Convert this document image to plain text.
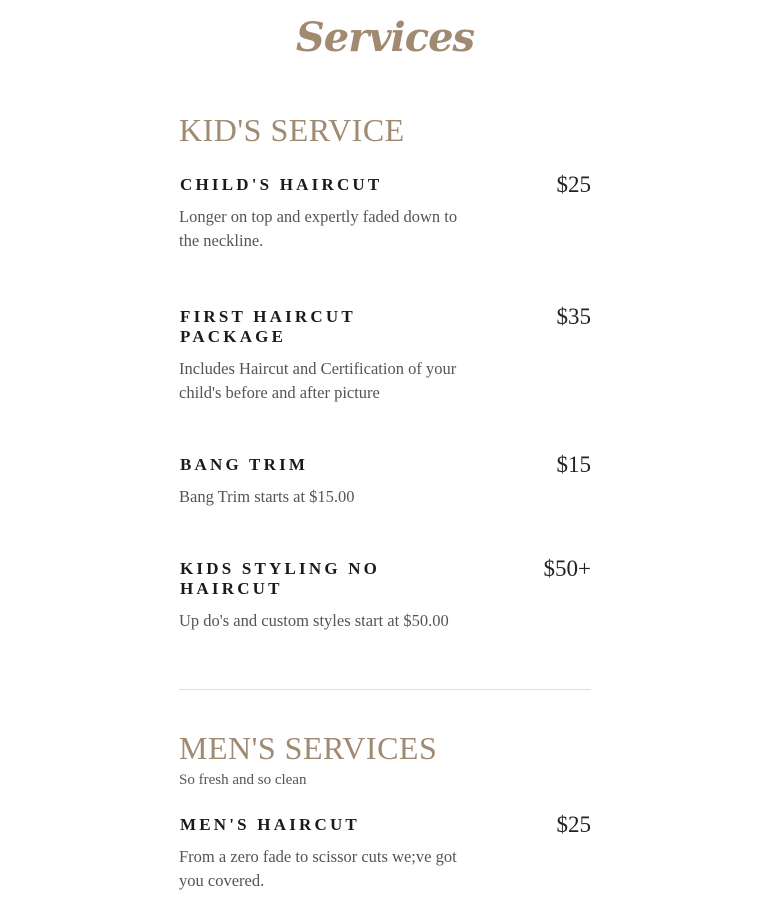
Services
KID'S SERVICE
CHILD'S HAIRCUT	$25

Longer on top and expertly faded down to the neckline.

FIRST HAIRCUT PACKAGE
$35

Includes Haircut and Certification of your child's before and after picture

BANG TRIM	$15

Bang Trim starts at $15.00

KIDS STYLING NO HAIRCUT
$50+

Up do's and custom styles start at $50.00

MEN'S SERVICES

So fresh and so clean

MEN'S HAIRCUT	$25

From a zero fade to scissor cuts we;ve got you covered.
